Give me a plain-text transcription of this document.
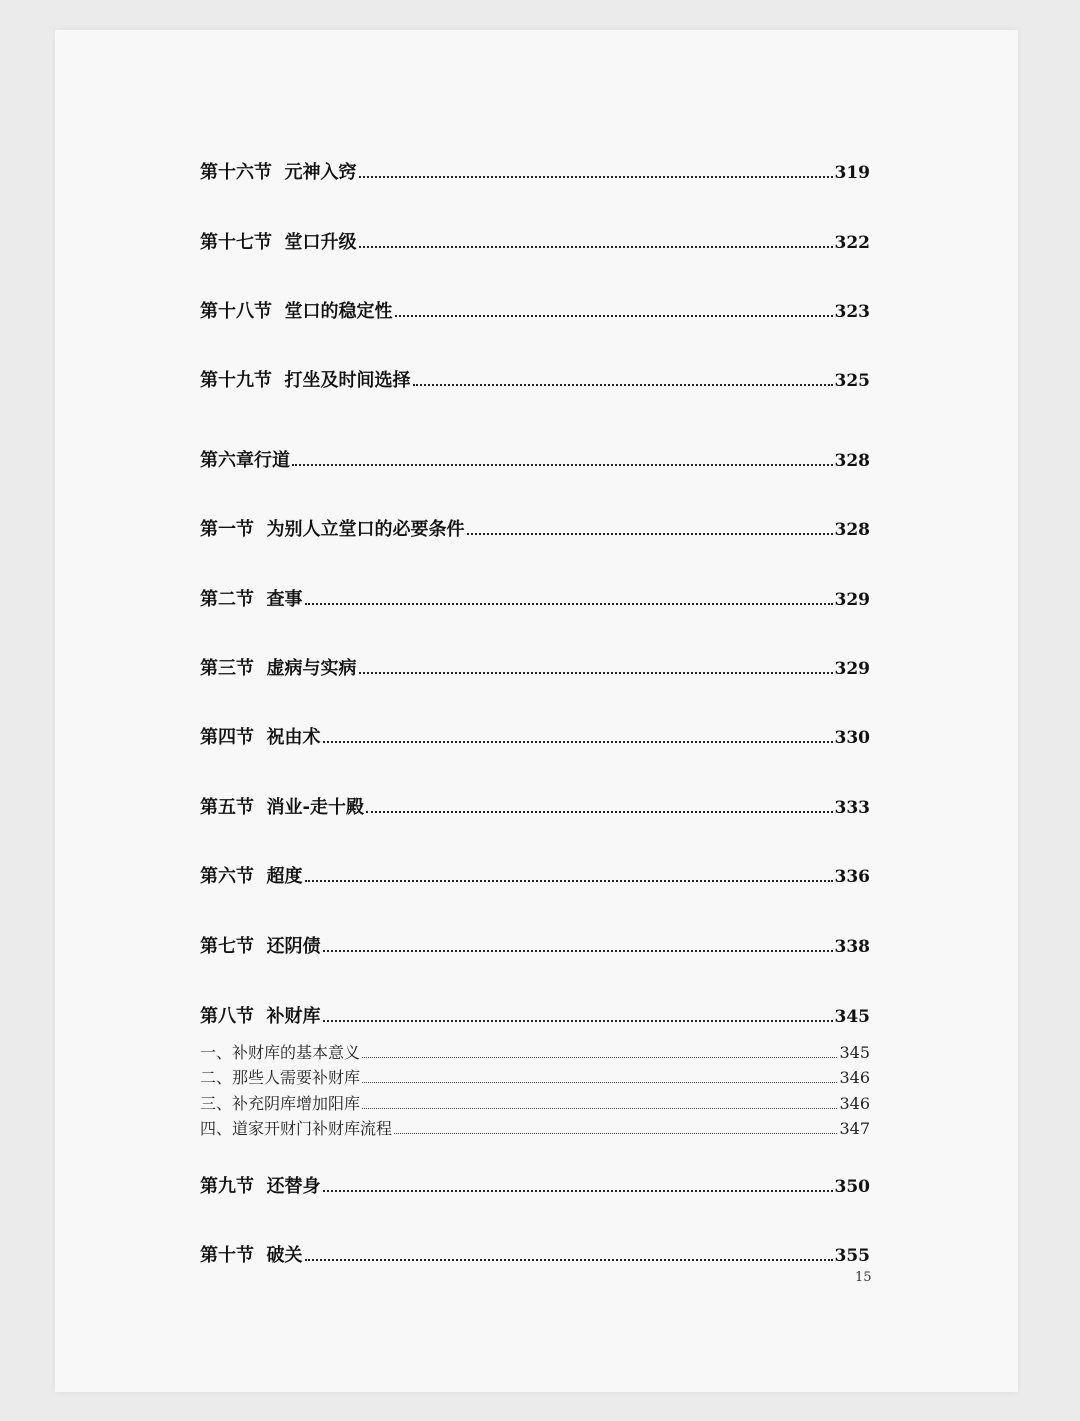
第十六节  元神入窍	319
第十七节  堂口升级	322
第十八节  堂口的稳定性	323
第十九节  打坐及时间选择	325
第六章行道	328
第一节  为别人立堂口的必要条件	328
第二节  查事	329
第三节  虚病与实病	329
第四节  祝由术	330
第五节  消业-走十殿	333
第六节  超度	336
第七节  还阴债	338
第八节  补财库	345
一、补财库的基本意义	345
二、那些人需要补财库	346
三、补充阴库增加阳库	346
四、道家开财门补财库流程	347
第九节  还替身	350
第十节  破关	355
15
